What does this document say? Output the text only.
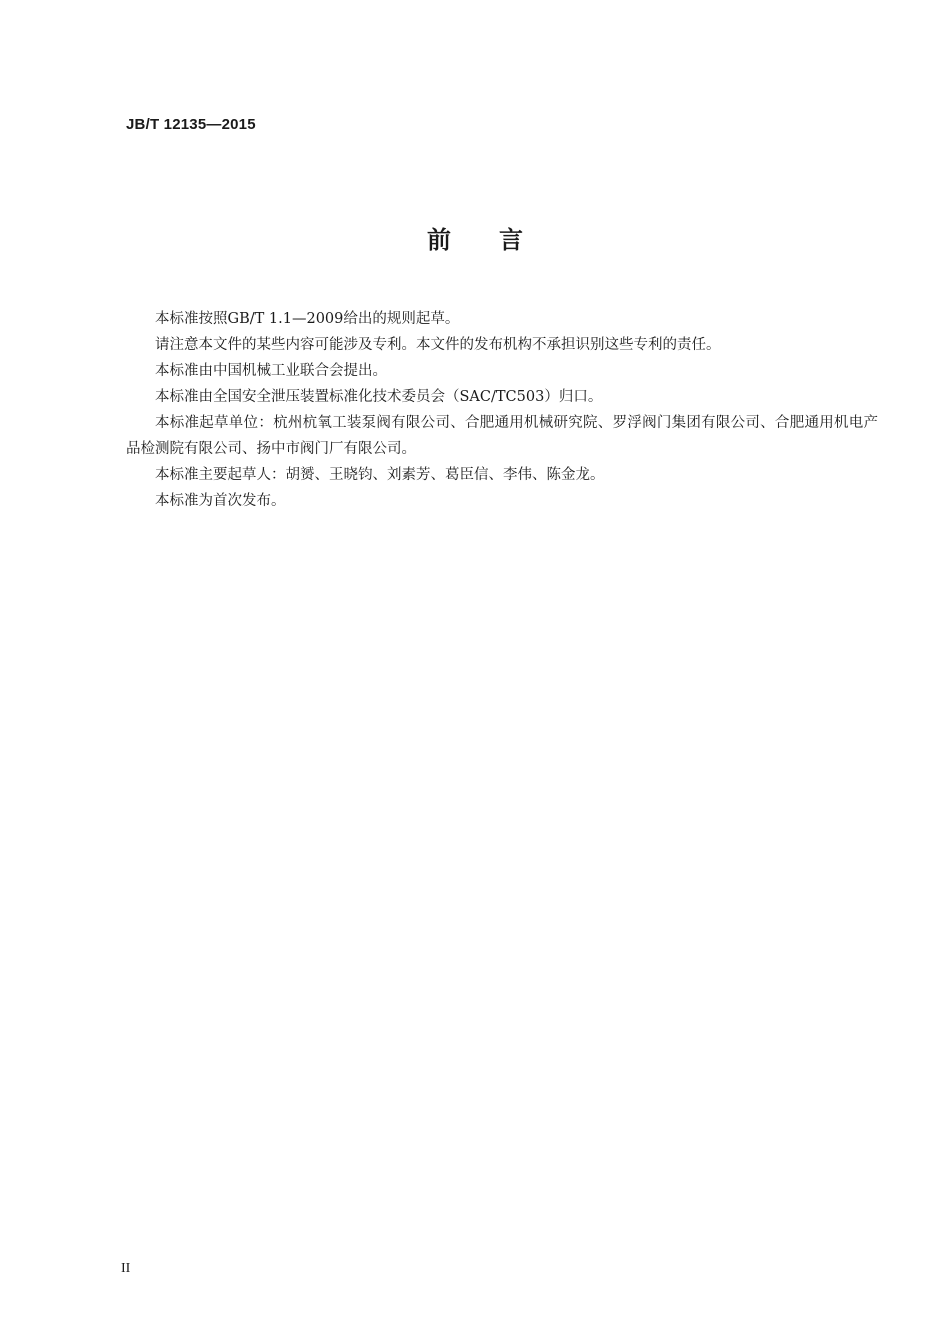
JB/T 12135—2015
前 言

本标准按照GB/T 1.1—2009给出的规则起草。

请注意本文件的某些内容可能涉及专利。本文件的发布机构不承担识别这些专利的责任。

本标准由中国机械工业联合会提出。

本标准由全国安全泄压装置标准化技术委员会（SAC/TC503）归口。

本标准起草单位：杭州杭氧工装泵阀有限公司、合肥通用机械研究院、罗浮阀门集团有限公司、合肥通用机电产品检测院有限公司、扬中市阀门厂有限公司。

本标准主要起草人：胡赟、王晓钧、刘素芳、葛臣信、李伟、陈金龙。

本标准为首次发布。

II
